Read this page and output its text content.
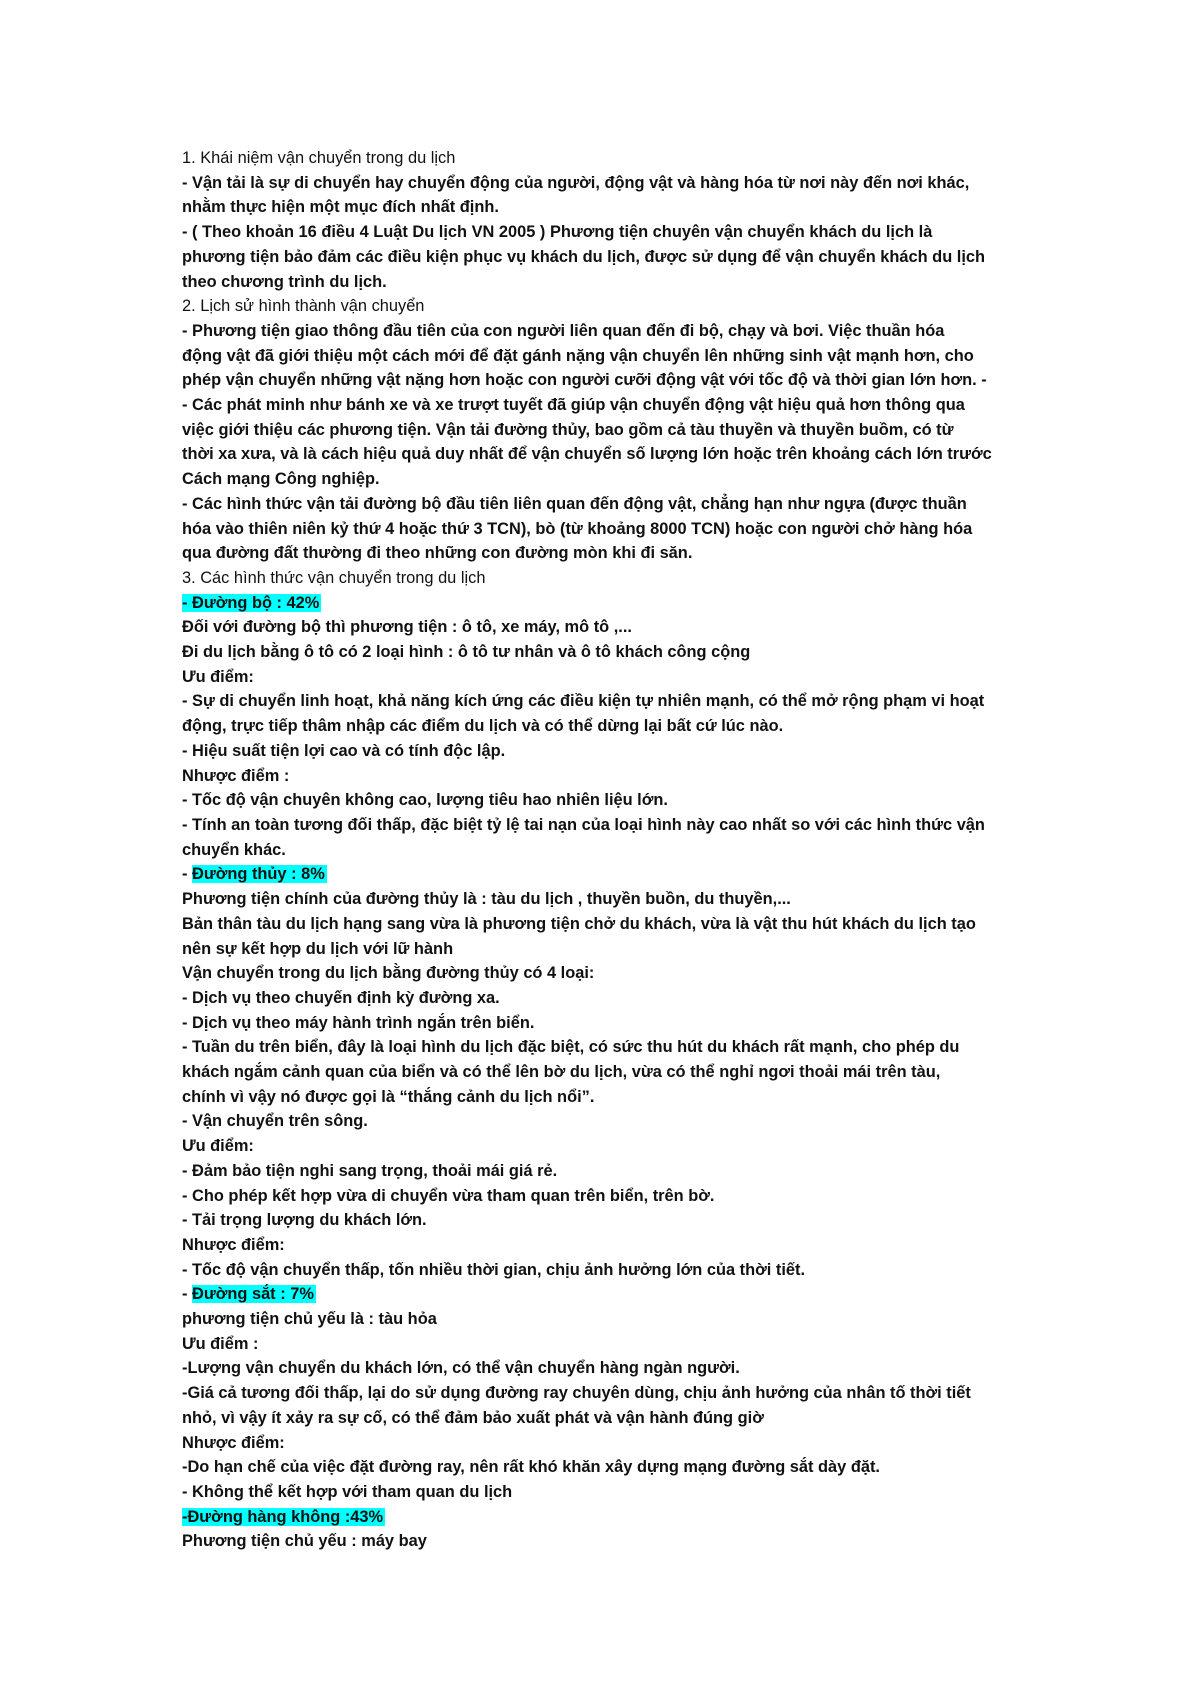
1. Khái niệm vận chuyển trong du lịch
- Vận tải là sự di chuyển hay chuyển động của người, động vật và hàng hóa từ nơi này đến nơi khác,
nhằm thực hiện một mục đích nhất định.
- ( Theo khoản 16 điều 4 Luật Du lịch VN 2005 ) Phương tiện chuyên vận chuyển khách du lịch là
phương tiện bảo đảm các điều kiện phục vụ khách du lịch, được sử dụng để vận chuyển khách du lịch
theo chương trình du lịch.
2. Lịch sử hình thành vận chuyển
- Phương tiện giao thông đầu tiên của con người liên quan đến đi bộ, chạy và bơi. Việc thuần hóa
động vật đã giới thiệu một cách mới để đặt gánh nặng vận chuyển lên những sinh vật mạnh hơn, cho
phép vận chuyển những vật nặng hơn hoặc con người cưỡi động vật với tốc độ và thời gian lớn hơn. -
- Các phát minh như bánh xe và xe trượt tuyết đã giúp vận chuyển động vật hiệu quả hơn thông qua
việc giới thiệu các phương tiện. Vận tải đường thủy, bao gồm cả tàu thuyền và thuyền buồm, có từ
thời xa xưa, và là cách hiệu quả duy nhất để vận chuyển số lượng lớn hoặc trên khoảng cách lớn trước
Cách mạng Công nghiệp.
- Các hình thức vận tải đường bộ đầu tiên liên quan đến động vật, chẳng hạn như ngựa (được thuần
hóa vào thiên niên kỷ thứ 4 hoặc thứ 3 TCN), bò (từ khoảng 8000 TCN) hoặc con người chở hàng hóa
qua đường đất thường đi theo những con đường mòn khi đi săn.
3. Các hình thức vận chuyển trong du lịch
- Đường bộ : 42%
Đối với đường bộ thì phương tiện : ô tô, xe máy, mô tô ,...
Đi du lịch bằng ô tô có 2 loại hình : ô tô tư nhân và ô tô khách công cộng
Ưu điểm:
- Sự di chuyển linh hoạt, khả năng kích ứng các điều kiện tự nhiên mạnh, có thể mở rộng phạm vi hoạt
động, trực tiếp thâm nhập các điểm du lịch và có thể dừng lại bất cứ lúc nào.
- Hiệu suất tiện lợi cao và có tính độc lập.
Nhược điểm :
- Tốc độ vận chuyên không cao, lượng tiêu hao nhiên liệu lớn.
- Tính an toàn tương đối thấp, đặc biệt tỷ lệ tai nạn của loại hình này cao nhất so với các hình thức vận
chuyển khác.
- Đường thủy : 8%
Phương tiện chính của đường thủy là : tàu du lịch , thuyền buồn, du thuyền,...
Bản thân tàu du lịch hạng sang vừa là phương tiện chở du khách, vừa là vật thu hút khách du lịch tạo
nên sự kết hợp du lịch với lữ hành
Vận chuyển trong du lịch bằng đường thủy có 4 loại:
- Dịch vụ theo chuyến định kỳ đường xa.
- Dịch vụ theo máy hành trình ngắn trên biển.
- Tuần du trên biển, đây là loại hình du lịch đặc biệt, có sức thu hút du khách rất mạnh, cho phép du
khách ngắm cảnh quan của biển và có thể lên bờ du lịch, vừa có thể nghỉ ngơi thoải mái trên tàu,
chính vì vậy nó được gọi là “thắng cảnh du lịch nổi”.
- Vận chuyển trên sông.
Ưu điểm:
- Đảm bảo tiện nghi sang trọng, thoải mái giá rẻ.
- Cho phép kết hợp vừa di chuyển vừa tham quan trên biển, trên bờ.
- Tải trọng lượng du khách lớn.
Nhược điểm:
- Tốc độ vận chuyển thấp, tốn nhiều thời gian, chịu ảnh hưởng lớn của thời tiết.
- Đường sắt : 7%
phương tiện chủ yếu là : tàu hỏa
Ưu điểm :
-Lượng vận chuyển du khách lớn, có thể vận chuyển hàng ngàn người.
-Giá cả tương đối thấp, lại do sử dụng đường ray chuyên dùng, chịu ảnh hưởng của nhân tố thời tiết
nhỏ, vì vậy ít xảy ra sự cố, có thể đảm bảo xuất phát và vận hành đúng giờ
Nhược điểm:
-Do hạn chế của việc đặt đường ray, nên rất khó khăn xây dựng mạng đường sắt dày đặt.
- Không thể kết hợp với tham quan du lịch
-Đường hàng không :43%
Phương tiện chủ yếu : máy bay
